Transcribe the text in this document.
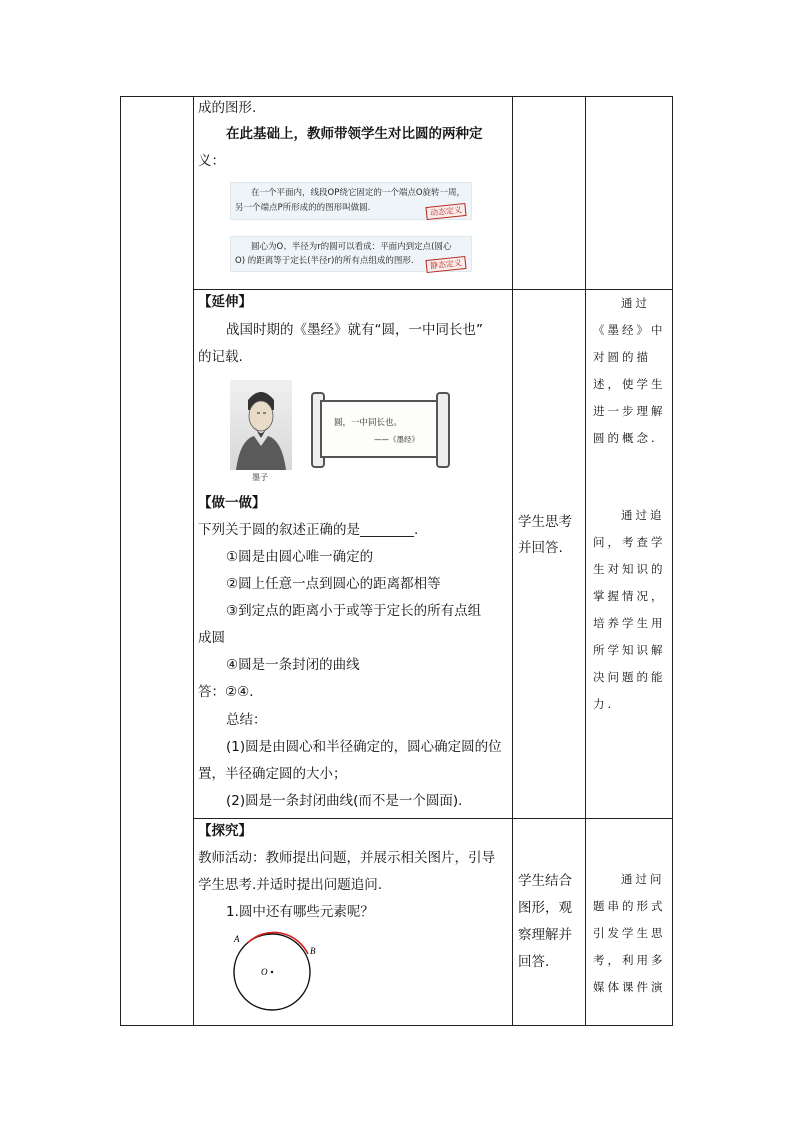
成的图形.
在此基础上，教师带领学生对比圆的两种定
义：
在一个平面内，线段OP绕它固定的一个端点O旋转一周，
另一个端点P所形成的的图形叫做圆.	动态定义
圆心为O、半径为r的圆可以看成：平面内到定点(圆心
O) 的距离等于定长(半径r)的所有点组成的图形.	静态定义
【延伸】
战国时期的《墨经》就有“圆，一中同长也”
的记载.
墨子
圆，一中同长也。
——《墨经》
【做一做】
下列关于圆的叙述正确的是________.
①圆是由圆心唯一确定的
②圆上任意一点到圆心的距离都相等
③到定点的距离小于或等于定长的所有点组
成圆
④圆是一条封闭的曲线
答：②④.
总结：
(1)圆是由圆心和半径确定的，圆心确定圆的位
置，半径确定圆的大小；
(2)圆是一条封闭曲线(而不是一个圆面).
学生思考
并回答.
通过
《墨经》中
对圆的描
述，使学生
进一步理解
圆的概念.
通过追
问，考查学
生对知识的
掌握情况，
培养学生用
所学知识解
决问题的能
力.
【探究】
教师活动：教师提出问题，并展示相关图片，引导
学生思考.并适时提出问题追问.
1.圆中还有哪些元素呢？
A
B
O
学生结合
图形，观
察理解并
回答.
通过问
题串的形式
引发学生思
考，利用多
媒体课件演
